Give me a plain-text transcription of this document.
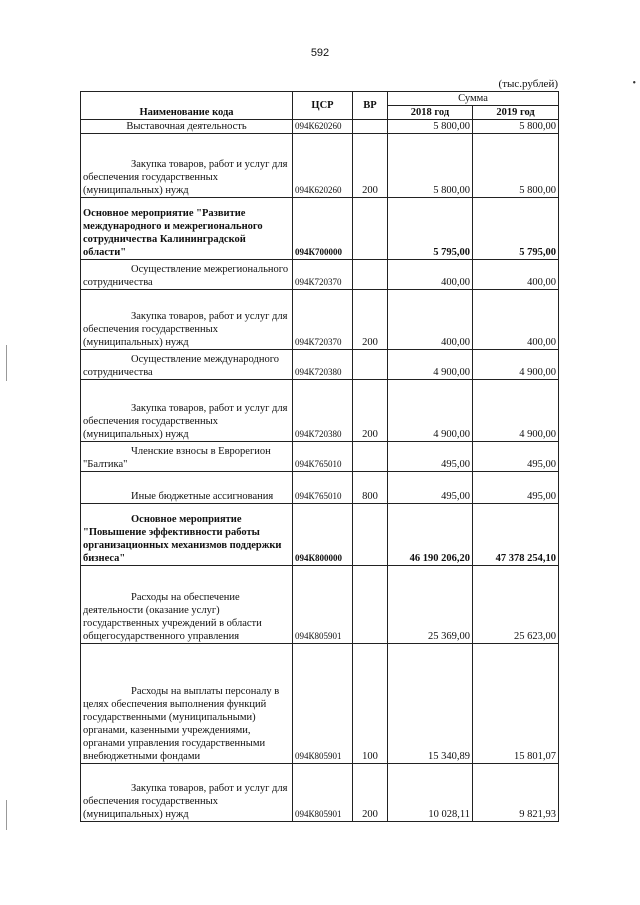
592
(тыс.рублей)
Наименование кода	ЦСР	ВР	Сумма	
			2018 год	2019 год
Выставочная деятельность	094К620260		5 800,00	5 800,00
Закупка товаров, работ и услуг для обеспечения государственных (муниципальных) нужд	094К620260	200	5 800,00	5 800,00
Основное мероприятие "Развитие международного и межрегионального сотрудничества Калининградской области"	094К700000		5 795,00	5 795,00
Осуществление межрегионального сотрудничества	094К720370		400,00	400,00
Закупка товаров, работ и услуг для обеспечения государственных (муниципальных) нужд	094К720370	200	400,00	400,00
Осуществление международного сотрудничества	094К720380		4 900,00	4 900,00
Закупка товаров, работ и услуг для обеспечения государственных (муниципальных) нужд	094К720380	200	4 900,00	4 900,00
Членские взносы в Еврорегион "Балтика"	094К765010		495,00	495,00
Иные бюджетные ассигнования	094К765010	800	495,00	495,00
Основное мероприятие "Повышение эффективности работы организационных механизмов поддержки бизнеса"	094К800000		46 190 206,20	47 378 254,10
Расходы на обеспечение деятельности (оказание услуг) государственных учреждений в области общегосударственного управления	094К805901		25 369,00	25 623,00
Расходы на выплаты персоналу в целях обеспечения выполнения функций государственными (муниципальными) органами, казенными учреждениями, органами управления государственными внебюджетными фондами	094К805901	100	15 340,89	15 801,07
Закупка товаров, работ и услуг для обеспечения государственных (муниципальных) нужд	094К805901	200	10 028,11	9 821,93
•
